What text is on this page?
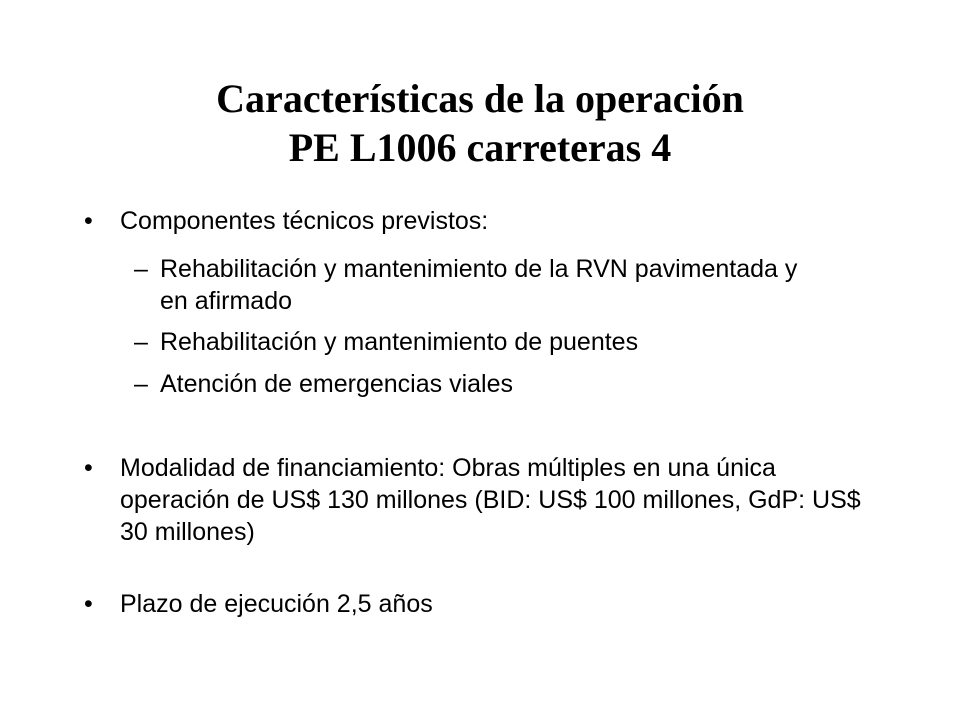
Características de la operación
PE L1006 carreteras 4
• Componentes técnicos previstos:
– Rehabilitación y mantenimiento de la RVN pavimentada y en afirmado
– Rehabilitación y mantenimiento de puentes
– Atención de emergencias viales
• Modalidad de financiamiento: Obras múltiples en una única operación de US$ 130 millones (BID: US$ 100 millones, GdP: US$ 30 millones)
• Plazo de ejecución 2,5 años
